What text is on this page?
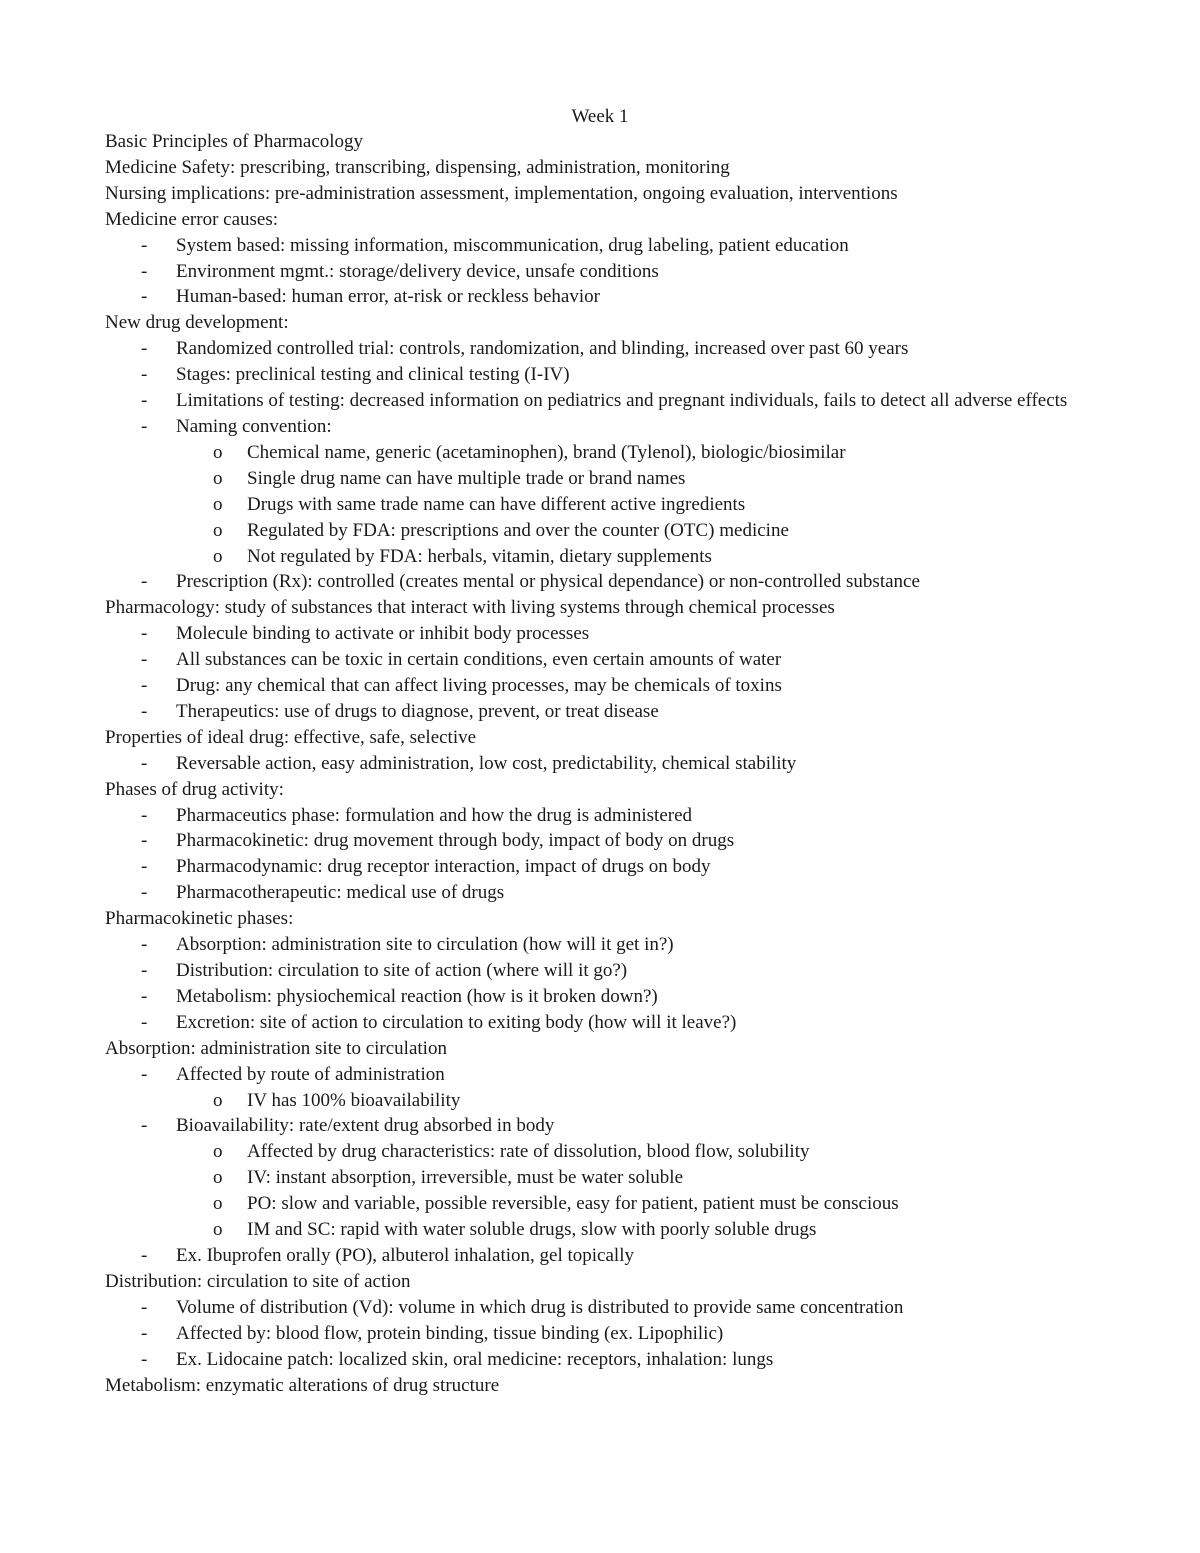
Week 1
Basic Principles of Pharmacology
Medicine Safety: prescribing, transcribing, dispensing, administration, monitoring
Nursing implications: pre-administration assessment, implementation, ongoing evaluation, interventions
Medicine error causes:
-	System based: missing information, miscommunication, drug labeling, patient education
-	Environment mgmt.: storage/delivery device, unsafe conditions
-	Human-based: human error, at-risk or reckless behavior
New drug development:
-	Randomized controlled trial: controls, randomization, and blinding, increased over past 60 years
-	Stages: preclinical testing and clinical testing (I-IV)
-	Limitations of testing: decreased information on pediatrics and pregnant individuals, fails to detect all adverse effects
-	Naming convention:
o	Chemical name, generic (acetaminophen), brand (Tylenol), biologic/biosimilar
o	Single drug name can have multiple trade or brand names
o	Drugs with same trade name can have different active ingredients
o	Regulated by FDA: prescriptions and over the counter (OTC) medicine
o	Not regulated by FDA: herbals, vitamin, dietary supplements
-	Prescription (Rx): controlled (creates mental or physical dependance) or non-controlled substance
Pharmacology: study of substances that interact with living systems through chemical processes
-	Molecule binding to activate or inhibit body processes
-	All substances can be toxic in certain conditions, even certain amounts of water
-	Drug: any chemical that can affect living processes, may be chemicals of toxins
-	Therapeutics: use of drugs to diagnose, prevent, or treat disease
Properties of ideal drug: effective, safe, selective
-	Reversable action, easy administration, low cost, predictability, chemical stability
Phases of drug activity:
-	Pharmaceutics phase: formulation and how the drug is administered
-	Pharmacokinetic: drug movement through body, impact of body on drugs
-	Pharmacodynamic: drug receptor interaction, impact of drugs on body
-	Pharmacotherapeutic: medical use of drugs
Pharmacokinetic phases:
-	Absorption: administration site to circulation (how will it get in?)
-	Distribution: circulation to site of action (where will it go?)
-	Metabolism: physiochemical reaction (how is it broken down?)
-	Excretion: site of action to circulation to exiting body (how will it leave?)
Absorption: administration site to circulation
-	Affected by route of administration
o	IV has 100% bioavailability
-	Bioavailability: rate/extent drug absorbed in body
o	Affected by drug characteristics: rate of dissolution, blood flow, solubility
o	IV: instant absorption, irreversible, must be water soluble
o	PO: slow and variable, possible reversible, easy for patient, patient must be conscious
o	IM and SC: rapid with water soluble drugs, slow with poorly soluble drugs
-	Ex. Ibuprofen orally (PO), albuterol inhalation, gel topically
Distribution: circulation to site of action
-	Volume of distribution (Vd): volume in which drug is distributed to provide same concentration
-	Affected by: blood flow, protein binding, tissue binding (ex. Lipophilic)
-	Ex. Lidocaine patch: localized skin, oral medicine: receptors, inhalation: lungs
Metabolism: enzymatic alterations of drug structure
